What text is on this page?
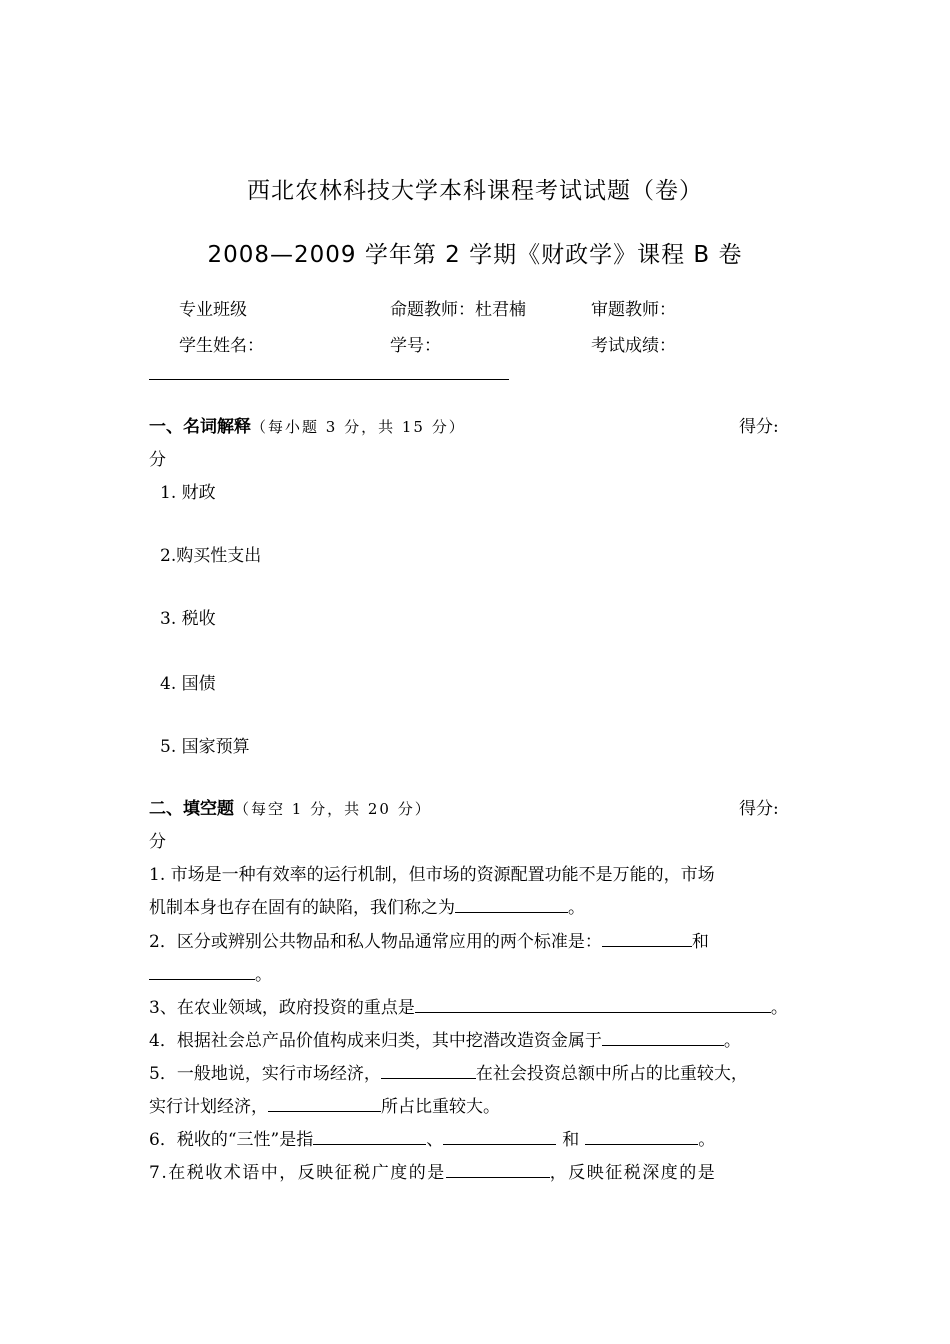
西北农林科技大学本科课程考试试题（卷）
2008—2009 学年第 2 学期《财政学》课程 B 卷
专业班级	命题教师：杜君楠	审题教师：
学生姓名：	学号：	考试成绩：
一、名词解释（每小题 3 分，共 15 分）	得分:
分
1. 财政
2.购买性支出
3. 税收
4. 国债
5. 国家预算
二、填空题（每空 1 分，共 20 分）	得分:
分
1. 市场是一种有效率的运行机制，但市场的资源配置功能不是万能的，市场
机制本身也存在固有的缺陷，我们称之为	。
2．区分或辨别公共物品和私人物品通常应用的两个标准是：	和
。
3、在农业领域，政府投资的重点是	。
4．根据社会总产品价值构成来归类，其中挖潜改造资金属于	。
5．一般地说，实行市场经济，	在社会投资总额中所占的比重较大，
实行计划经济，	所占比重较大。
6．税收的“三性”是指	、	和	。
7.在税收术语中，反映征税广度的是	，反映征税深度的是
